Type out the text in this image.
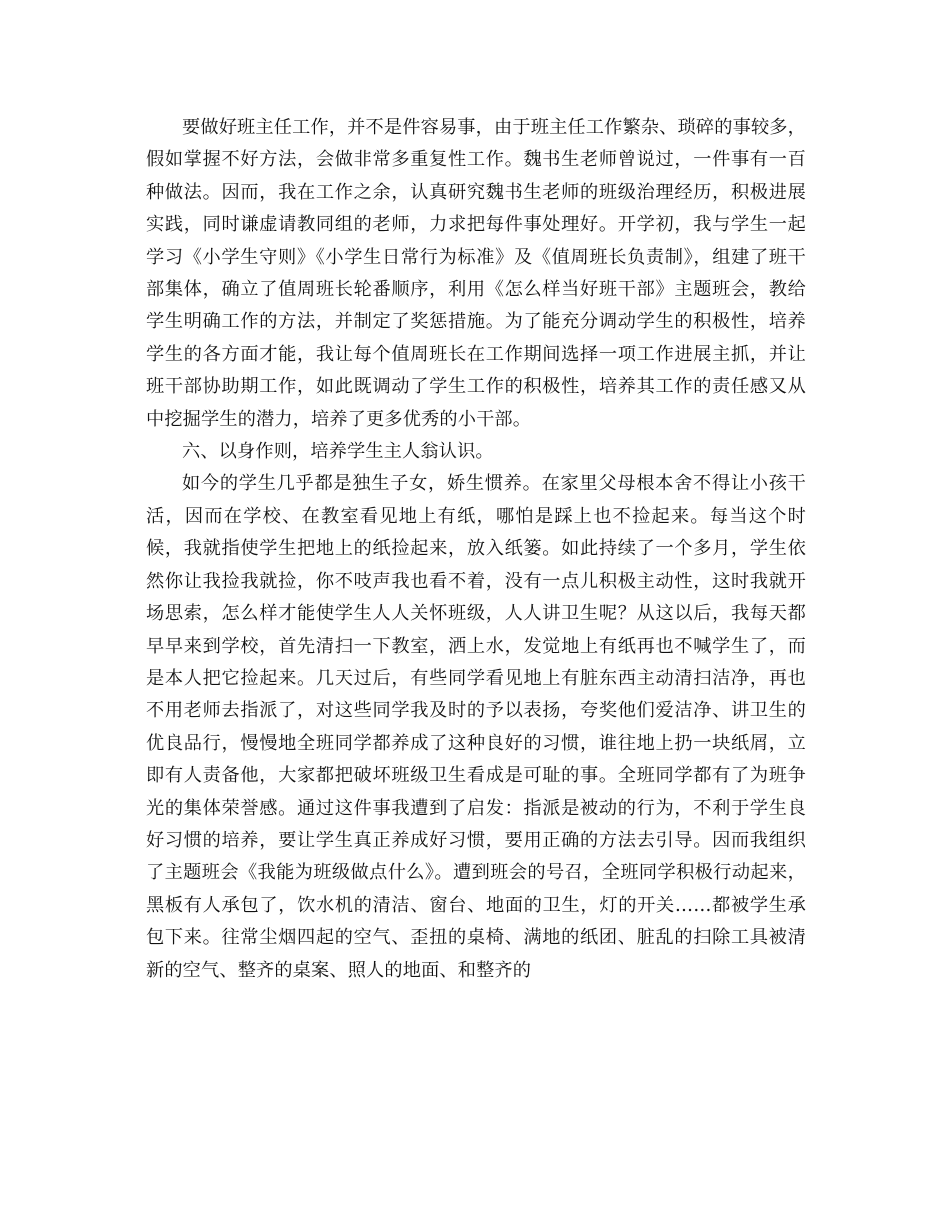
要做好班主任工作，并不是件容易事，由于班主任工作繁杂、琐碎的事较多，假如掌握不好方法，会做非常多重复性工作。魏书生老师曾说过，一件事有一百种做法。因而，我在工作之余，认真研究魏书生老师的班级治理经历，积极进展实践，同时谦虚请教同组的老师，力求把每件事处理好。开学初，我与学生一起学习《小学生守则》《小学生日常行为标准》及《值周班长负责制》，组建了班干部集体，确立了值周班长轮番顺序，利用《怎么样当好班干部》主题班会，教给学生明确工作的方法，并制定了奖惩措施。为了能充分调动学生的积极性，培养学生的各方面才能，我让每个值周班长在工作期间选择一项工作进展主抓，并让班干部协助期工作，如此既调动了学生工作的积极性，培养其工作的责任感又从中挖掘学生的潜力，培养了更多优秀的小干部。

六、以身作则，培养学生主人翁认识。

如今的学生几乎都是独生子女，娇生惯养。在家里父母根本舍不得让小孩干活，因而在学校、在教室看见地上有纸，哪怕是踩上也不捡起来。每当这个时候，我就指使学生把地上的纸捡起来，放入纸篓。如此持续了一个多月，学生依然你让我捡我就捡，你不吱声我也看不着，没有一点儿积极主动性，这时我就开场思索，怎么样才能使学生人人关怀班级，人人讲卫生呢？从这以后，我每天都早早来到学校，首先清扫一下教室，洒上水，发觉地上有纸再也不喊学生了，而是本人把它捡起来。几天过后，有些同学看见地上有脏东西主动清扫洁净，再也不用老师去指派了，对这些同学我及时的予以表扬，夸奖他们爱洁净、讲卫生的优良品行，慢慢地全班同学都养成了这种良好的习惯，谁往地上扔一块纸屑，立即有人责备他，大家都把破坏班级卫生看成是可耻的事。全班同学都有了为班争光的集体荣誉感。通过这件事我遭到了启发：指派是被动的行为，不利于学生良好习惯的培养，要让学生真正养成好习惯，要用正确的方法去引导。因而我组织了主题班会《我能为班级做点什么》。遭到班会的号召，全班同学积极行动起来，黑板有人承包了，饮水机的清洁、窗台、地面的卫生，灯的开关……都被学生承包下来。往常尘烟四起的空气、歪扭的桌椅、满地的纸团、脏乱的扫除工具被清新的空气、整齐的桌案、照人的地面、和整齐的
